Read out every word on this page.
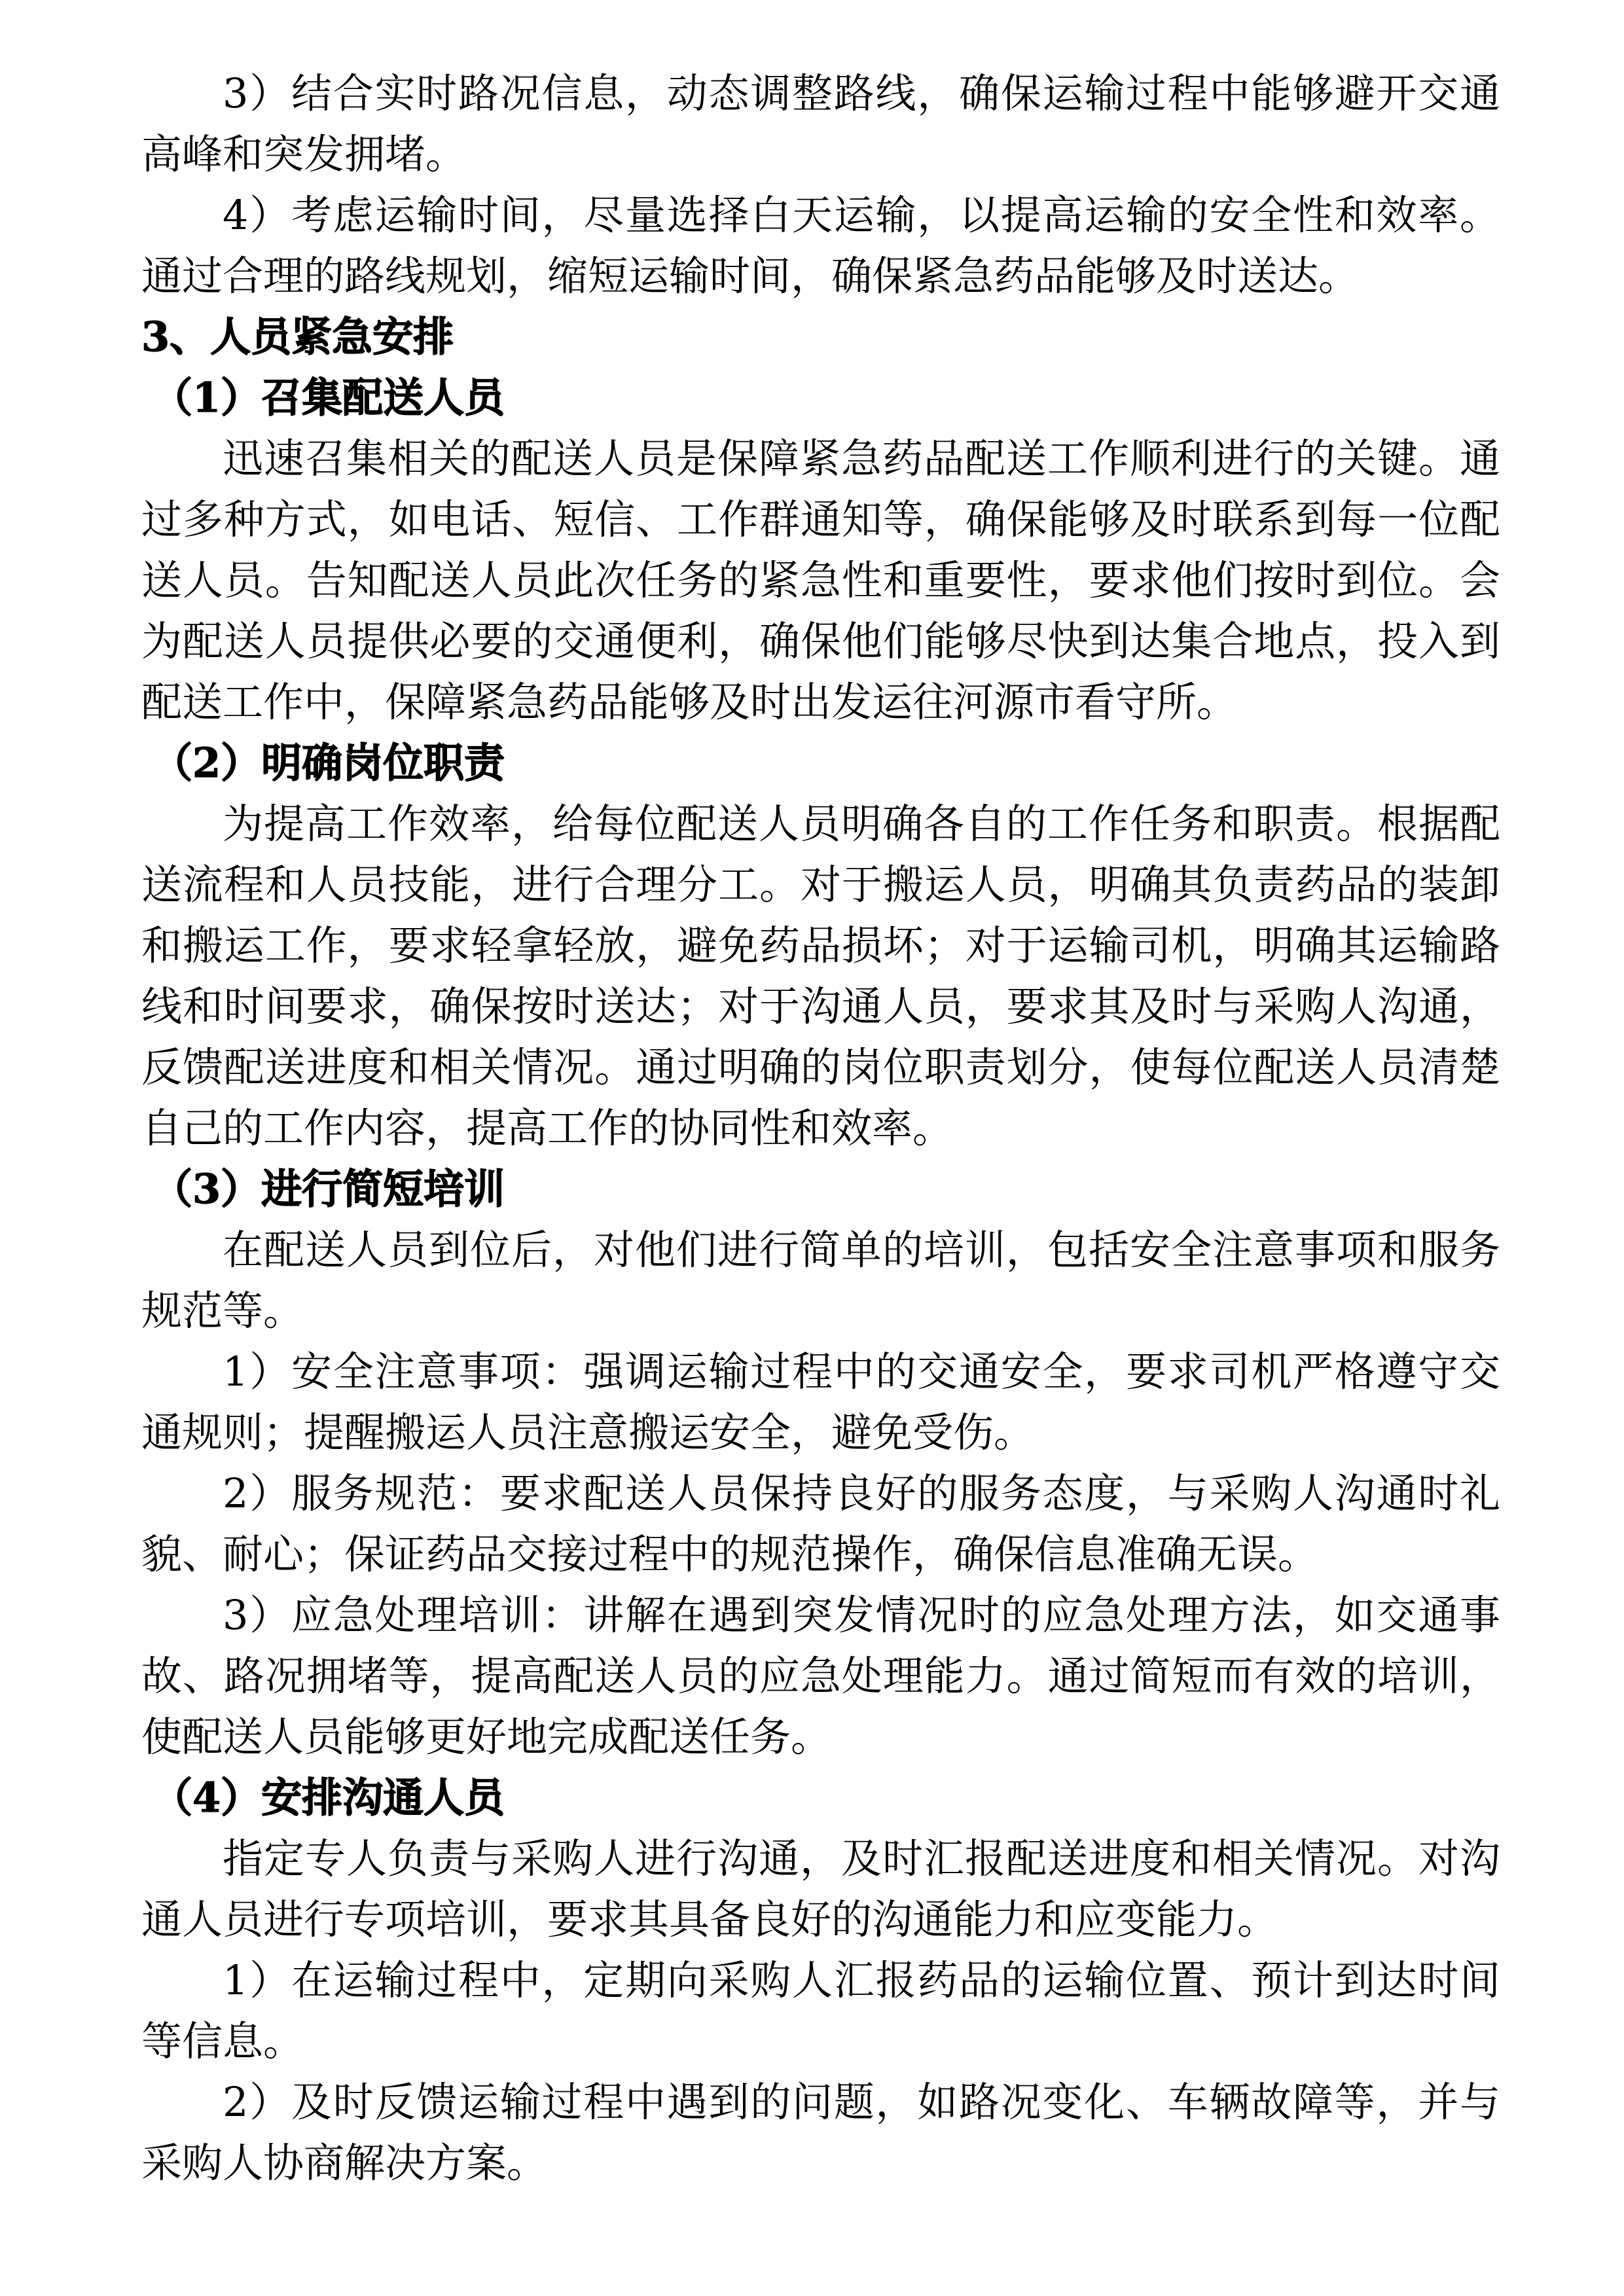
3）结合实时路况信息，动态调整路线，确保运输过程中能够避开交通高峰和突发拥堵。

4）考虑运输时间，尽量选择白天运输，以提高运输的安全性和效率。通过合理的路线规划，缩短运输时间，确保紧急药品能够及时送达。

3、人员紧急安排

（1）召集配送人员

迅速召集相关的配送人员是保障紧急药品配送工作顺利进行的关键。通过多种方式，如电话、短信、工作群通知等，确保能够及时联系到每一位配送人员。告知配送人员此次任务的紧急性和重要性，要求他们按时到位。会为配送人员提供必要的交通便利，确保他们能够尽快到达集合地点，投入到配送工作中，保障紧急药品能够及时出发运往河源市看守所。

（2）明确岗位职责

为提高工作效率，给每位配送人员明确各自的工作任务和职责。根据配送流程和人员技能，进行合理分工。对于搬运人员，明确其负责药品的装卸和搬运工作，要求轻拿轻放，避免药品损坏；对于运输司机，明确其运输路线和时间要求，确保按时送达；对于沟通人员，要求其及时与采购人沟通，反馈配送进度和相关情况。通过明确的岗位职责划分，使每位配送人员清楚自己的工作内容，提高工作的协同性和效率。

（3）进行简短培训

在配送人员到位后，对他们进行简单的培训，包括安全注意事项和服务规范等。

1）安全注意事项：强调运输过程中的交通安全，要求司机严格遵守交通规则；提醒搬运人员注意搬运安全，避免受伤。

2）服务规范：要求配送人员保持良好的服务态度，与采购人沟通时礼貌、耐心；保证药品交接过程中的规范操作，确保信息准确无误。

3）应急处理培训：讲解在遇到突发情况时的应急处理方法，如交通事故、路况拥堵等，提高配送人员的应急处理能力。通过简短而有效的培训，使配送人员能够更好地完成配送任务。

（4）安排沟通人员

指定专人负责与采购人进行沟通，及时汇报配送进度和相关情况。对沟通人员进行专项培训，要求其具备良好的沟通能力和应变能力。

1）在运输过程中，定期向采购人汇报药品的运输位置、预计到达时间等信息。

2）及时反馈运输过程中遇到的问题，如路况变化、车辆故障等，并与采购人协商解决方案。
